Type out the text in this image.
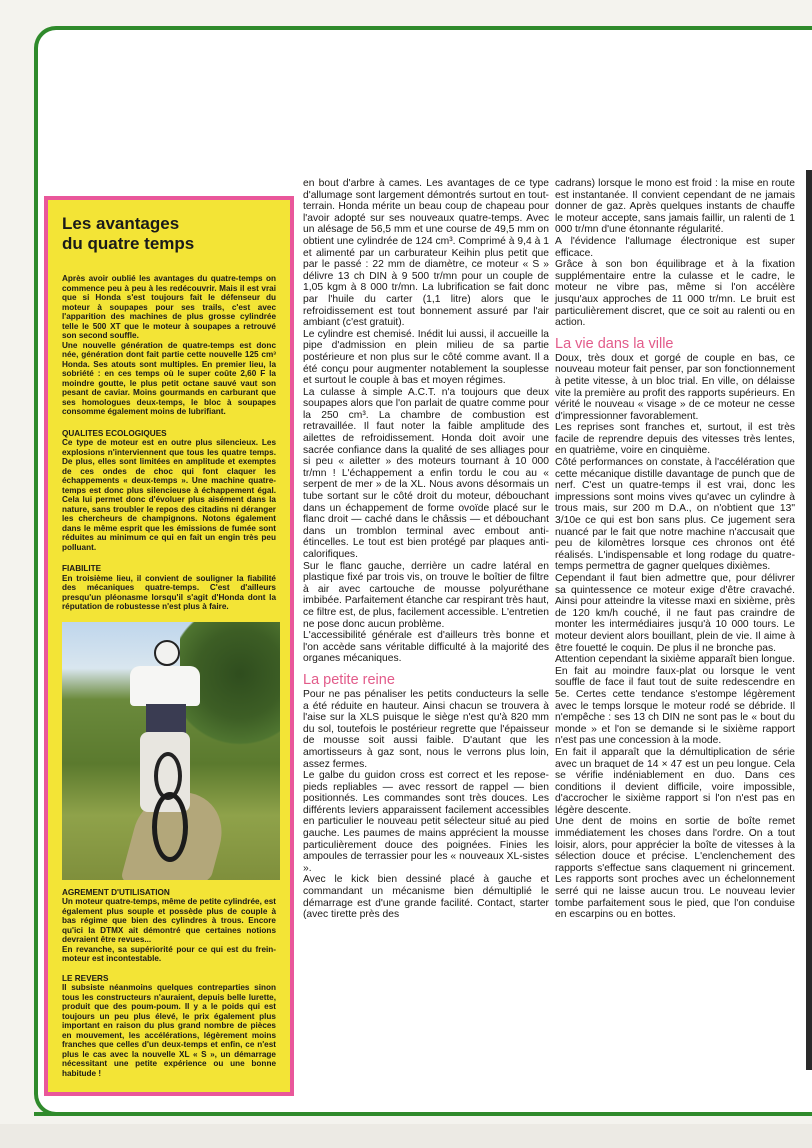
Les avantages
du quatre temps

Après avoir oublié les avantages du quatre-temps on commence peu à peu à les redécouvrir. Mais il est vrai que si Honda s'est toujours fait le défenseur du moteur à soupapes pour ses trails, c'est avec l'apparition des machines de plus grosse cylindrée telle le 500 XT que le moteur à soupapes a retrouvé son second souffle.

Une nouvelle génération de quatre-temps est donc née, génération dont fait partie cette nouvelle 125 cm³ Honda. Ses atouts sont multiples. En premier lieu, la sobriété : en ces temps où le super coûte 2,60 F la moindre goutte, le plus petit octane sauvé vaut son pesant de caviar. Moins gourmands en carburant que ses homologues deux-temps, le bloc à soupapes consomme également moins de lubrifiant.

QUALITES ECOLOGIQUES

Ce type de moteur est en outre plus silencieux. Les explosions n'interviennent que tous les quatre temps. De plus, elles sont limitées en amplitude et exemptes de ces ondes de choc qui font claquer les échappements « deux-temps ». Une machine quatre-temps est donc plus silencieuse à échappement égal. Cela lui permet donc d'évoluer plus aisément dans la nature, sans troubler le repos des citadins ni déranger les chercheurs de champignons. Notons également dans le même esprit que les émissions de fumée sont réduites au minimum ce qui en fait un engin très peu polluant.

FIABILITE

En troisième lieu, il convient de souligner la fiabilité des mécaniques quatre-temps. C'est d'ailleurs presqu'un pléonasme lorsqu'il s'agit d'Honda dont la réputation de robustesse n'est plus à faire.

AGREMENT D'UTILISATION

Un moteur quatre-temps, même de petite cylindrée, est également plus souple et possède plus de couple à bas régime que bien des cylindres à trous. Encore qu'ici la DTMX ait démontré que certaines notions devraient être revues...

En revanche, sa supériorité pour ce qui est du frein-moteur est incontestable.

LE REVERS

Il subsiste néanmoins quelques contreparties sinon tous les constructeurs n'auraient, depuis belle lurette, produit que des poum-poum. Il y a le poids qui est toujours un peu plus élevé, le prix également plus important en raison du plus grand nombre de pièces en mouvement, les accélérations, légèrement moins franches que celles d'un deux-temps et enfin, ce n'est plus le cas avec la nouvelle XL « S », un démarrage nécessitant une petite expérience ou une bonne habitude !

en bout d'arbre à cames. Les avantages de ce type d'allumage sont largement démontrés surtout en tout-terrain. Honda mérite un beau coup de chapeau pour l'avoir adopté sur ses nouveaux quatre-temps. Avec un alésage de 56,5 mm et une course de 49,5 mm on obtient une cylindrée de 124 cm³. Comprimé à 9,4 à 1 et alimenté par un carburateur Keihin plus petit que par le passé : 22 mm de diamètre, ce moteur « S » délivre 13 ch DIN à 9 500 tr/mn pour un couple de 1,05 kgm à 8 000 tr/mn. La lubrification se fait donc par l'huile du carter (1,1 litre) alors que le refroidissement est tout bonnement assuré par l'air ambiant (c'est gratuit).

Le cylindre est chemisé. Inédit lui aussi, il accueille la pipe d'admission en plein milieu de sa partie postérieure et non plus sur le côté comme avant. Il a été conçu pour augmenter notablement la souplesse et surtout le couple à bas et moyen régimes.

La culasse à simple A.C.T. n'a toujours que deux soupapes alors que l'on parlait de quatre comme pour la 250 cm³. La chambre de combustion est retravaillée. Il faut noter la faible amplitude des ailettes de refroidissement. Honda doit avoir une sacrée confiance dans la qualité de ses alliages pour si peu « ailetter » des moteurs tournant à 10 000 tr/mn ! L'échappement a enfin tordu le cou au « serpent de mer » de la XL. Nous avons désormais un tube sortant sur le côté droit du moteur, débouchant dans un échappement de forme ovoïde placé sur le flanc droit — caché dans le châssis — et débouchant dans un tromblon terminal avec embout anti-étincelles. Le tout est bien protégé par plaques anti-calorifiques.

Sur le flanc gauche, derrière un cadre latéral en plastique fixé par trois vis, on trouve le boîtier de filtre à air avec cartouche de mousse polyuréthane imbibée. Parfaitement étanche car respirant très haut, ce filtre est, de plus, facilement accessible. L'entretien ne pose donc aucun problème.

L'accessibilité générale est d'ailleurs très bonne et l'on accède sans véritable difficulté à la majorité des organes mécaniques.

La petite reine

Pour ne pas pénaliser les petits conducteurs la selle a été réduite en hauteur. Ainsi chacun se trouvera à l'aise sur la XLS puisque le siège n'est qu'à 820 mm du sol, toutefois le postérieur regrette que l'épaisseur de mousse soit aussi faible. D'autant que les amortisseurs à gaz sont, nous le verrons plus loin, assez fermes.

Le galbe du guidon cross est correct et les repose-pieds repliables — avec ressort de rappel — bien positionnés. Les commandes sont très douces. Les différents leviers apparaissent facilement accessibles en particulier le nouveau petit sélecteur situé au pied gauche. Les paumes de mains apprécient la mousse particulièrement douce des poignées. Finies les ampoules de terrassier pour les « nouveaux XL-sistes ».

Avec le kick bien dessiné placé à gauche et commandant un mécanisme bien démultiplié le démarrage est d'une grande facilité. Contact, starter (avec tirette près des

cadrans) lorsque le mono est froid : la mise en route est instantanée. Il convient cependant de ne jamais donner de gaz. Après quelques instants de chauffe le moteur accepte, sans jamais faillir, un ralenti de 1 000 tr/mn d'une étonnante régularité.

A l'évidence l'allumage électronique est super efficace.

Grâce à son bon équilibrage et à la fixation supplémentaire entre la culasse et le cadre, le moteur ne vibre pas, même si l'on accélère jusqu'aux approches de 11 000 tr/mn. Le bruit est particulièrement discret, que ce soit au ralenti ou en action.

La vie dans la ville

Doux, très doux et gorgé de couple en bas, ce nouveau moteur fait penser, par son fonctionnement à petite vitesse, à un bloc trial. En ville, on délaisse vite la première au profit des rapports supérieurs. En vérité le nouveau « visage » de ce moteur ne cesse d'impressionner favorablement.

Les reprises sont franches et, surtout, il est très facile de reprendre depuis des vitesses très lentes, en quatrième, voire en cinquième.

Côté performances on constate, à l'accélération que cette mécanique distille davantage de punch que de nerf. C'est un quatre-temps il est vrai, donc les impressions sont moins vives qu'avec un cylindre à trous mais, sur 200 m D.A., on n'obtient que 13" 3/10e ce qui est bon sans plus. Ce jugement sera nuancé par le fait que notre machine n'accusait que peu de kilomètres lorsque ces chronos ont été réalisés. L'indispensable et long rodage du quatre-temps permettra de gagner quelques dixièmes.

Cependant il faut bien admettre que, pour délivrer sa quintessence ce moteur exige d'être cravaché. Ainsi pour atteindre la vitesse maxi en sixième, près de 120 km/h couché, il ne faut pas craindre de monter les intermédiaires jusqu'à 10 000 tours. Le moteur devient alors bouillant, plein de vie. Il aime à être fouetté le coquin. De plus il ne bronche pas.

Attention cependant la sixième apparaît bien longue. En fait au moindre faux-plat ou lorsque le vent souffle de face il faut tout de suite redescendre en 5e. Certes cette tendance s'estompe légèrement avec le temps lorsque le moteur rodé se débride. Il n'empêche : ses 13 ch DIN ne sont pas le « bout du monde » et l'on se demande si le sixième rapport n'est pas une concession à la mode.

En fait il apparaît que la démultiplication de série avec un braquet de 14 × 47 est un peu longue. Cela se vérifie indéniablement en duo. Dans ces conditions il devient difficile, voire impossible, d'accrocher le sixième rapport si l'on n'est pas en légère descente.

Une dent de moins en sortie de boîte remet immédiatement les choses dans l'ordre. On a tout loisir, alors, pour apprécier la boîte de vitesses à la sélection douce et précise. L'enclenchement des rapports s'effectue sans claquement ni grincement. Les rapports sont proches avec un échelonnement serré qui ne laisse aucun trou. Le nouveau levier tombe parfaitement sous le pied, que l'on conduise en escarpins ou en bottes.
